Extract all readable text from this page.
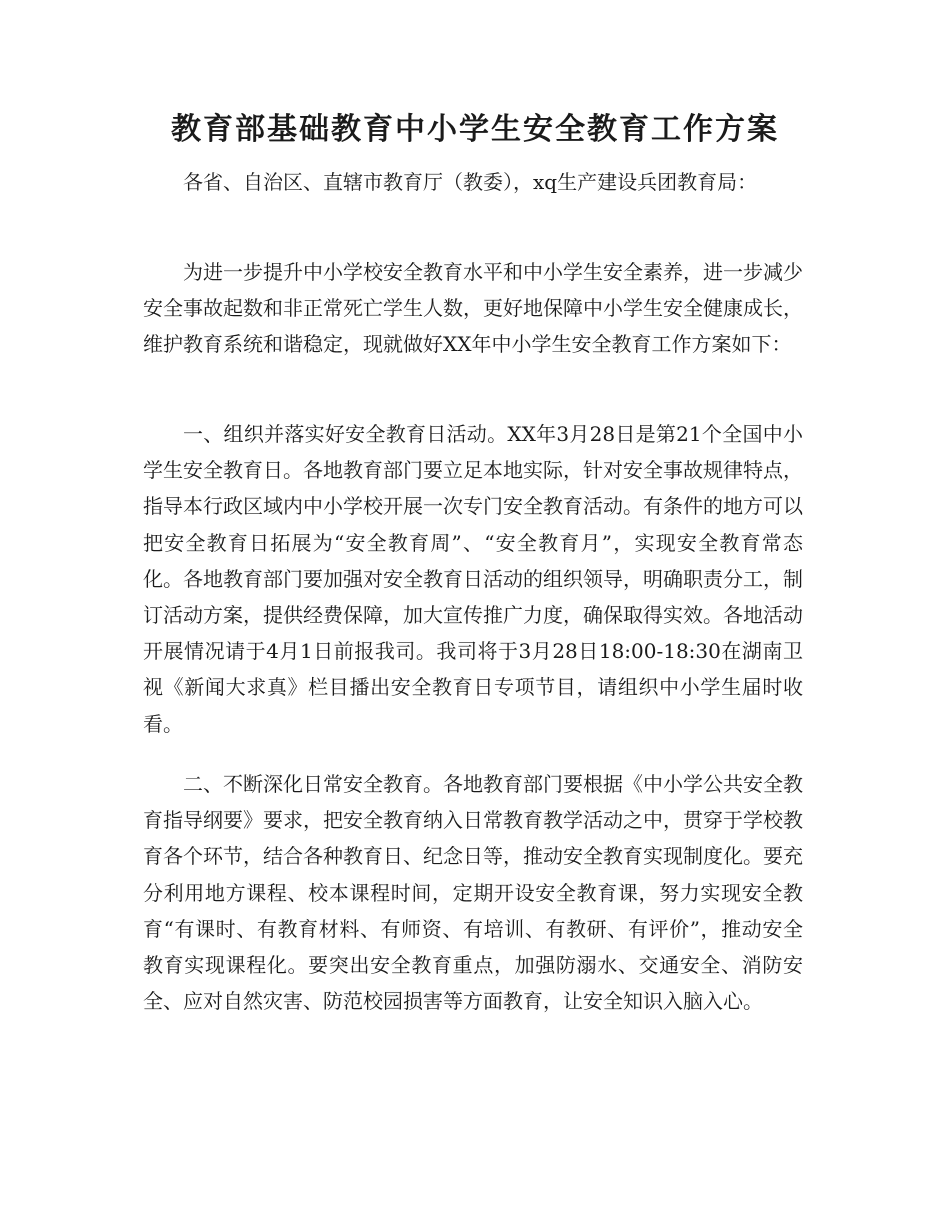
教育部基础教育中小学生安全教育工作方案

各省、自治区、直辖市教育厅（教委），xq生产建设兵团教育局：

为进一步提升中小学校安全教育水平和中小学生安全素养，进一步减少安全事故起数和非正常死亡学生人数，更好地保障中小学生安全健康成长，维护教育系统和谐稳定，现就做好XX年中小学生安全教育工作方案如下：

一、组织并落实好安全教育日活动。XX年3月28日是第21个全国中小学生安全教育日。各地教育部门要立足本地实际，针对安全事故规律特点，指导本行政区域内中小学校开展一次专门安全教育活动。有条件的地方可以把安全教育日拓展为“安全教育周”、“安全教育月”，实现安全教育常态化。各地教育部门要加强对安全教育日活动的组织领导，明确职责分工，制订活动方案，提供经费保障，加大宣传推广力度，确保取得实效。各地活动开展情况请于4月1日前报我司。我司将于3月28日18:00-18:30在湖南卫视《新闻大求真》栏目播出安全教育日专项节目，请组织中小学生届时收看。

二、不断深化日常安全教育。各地教育部门要根据《中小学公共安全教育指导纲要》要求，把安全教育纳入日常教育教学活动之中，贯穿于学校教育各个环节，结合各种教育日、纪念日等，推动安全教育实现制度化。要充分利用地方课程、校本课程时间，定期开设安全教育课，努力实现安全教育“有课时、有教育材料、有师资、有培训、有教研、有评价”，推动安全教育实现课程化。要突出安全教育重点，加强防溺水、交通安全、消防安全、应对自然灾害、防范校园损害等方面教育，让安全知识入脑入心。
